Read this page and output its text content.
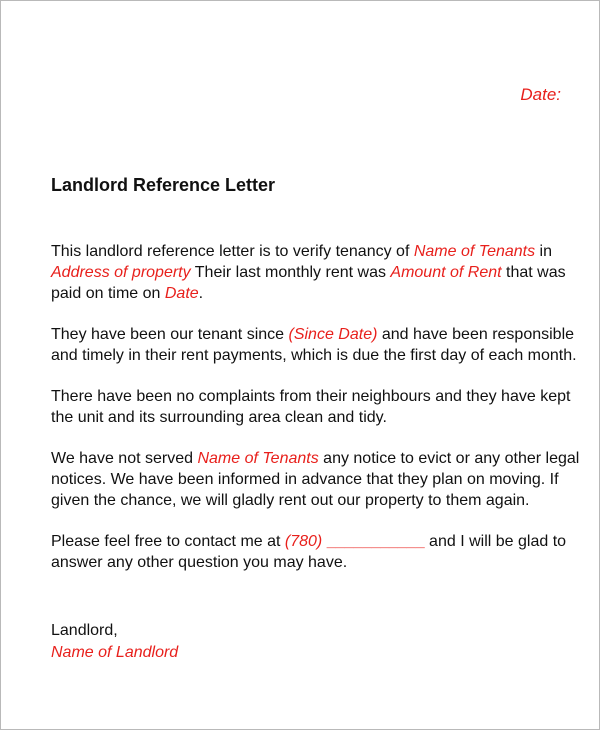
Date:
Landlord Reference Letter

This landlord reference letter is to verify tenancy of Name of Tenants in Address of property Their last monthly rent was Amount of Rent that was paid on time on Date.

They have been our tenant since (Since Date) and have been responsible and timely in their rent payments, which is due the first day of each month.

There have been no complaints from their neighbours and they have kept the unit and its surrounding area clean and tidy.

We have not served Name of Tenants any notice to evict or any other legal notices. We have been informed in advance that they plan on moving. If given the chance, we will gladly rent out our property to them again.

Please feel free to contact me at (780) ___________ and I will be glad to answer any other question you may have.

Landlord,
Name of Landlord
